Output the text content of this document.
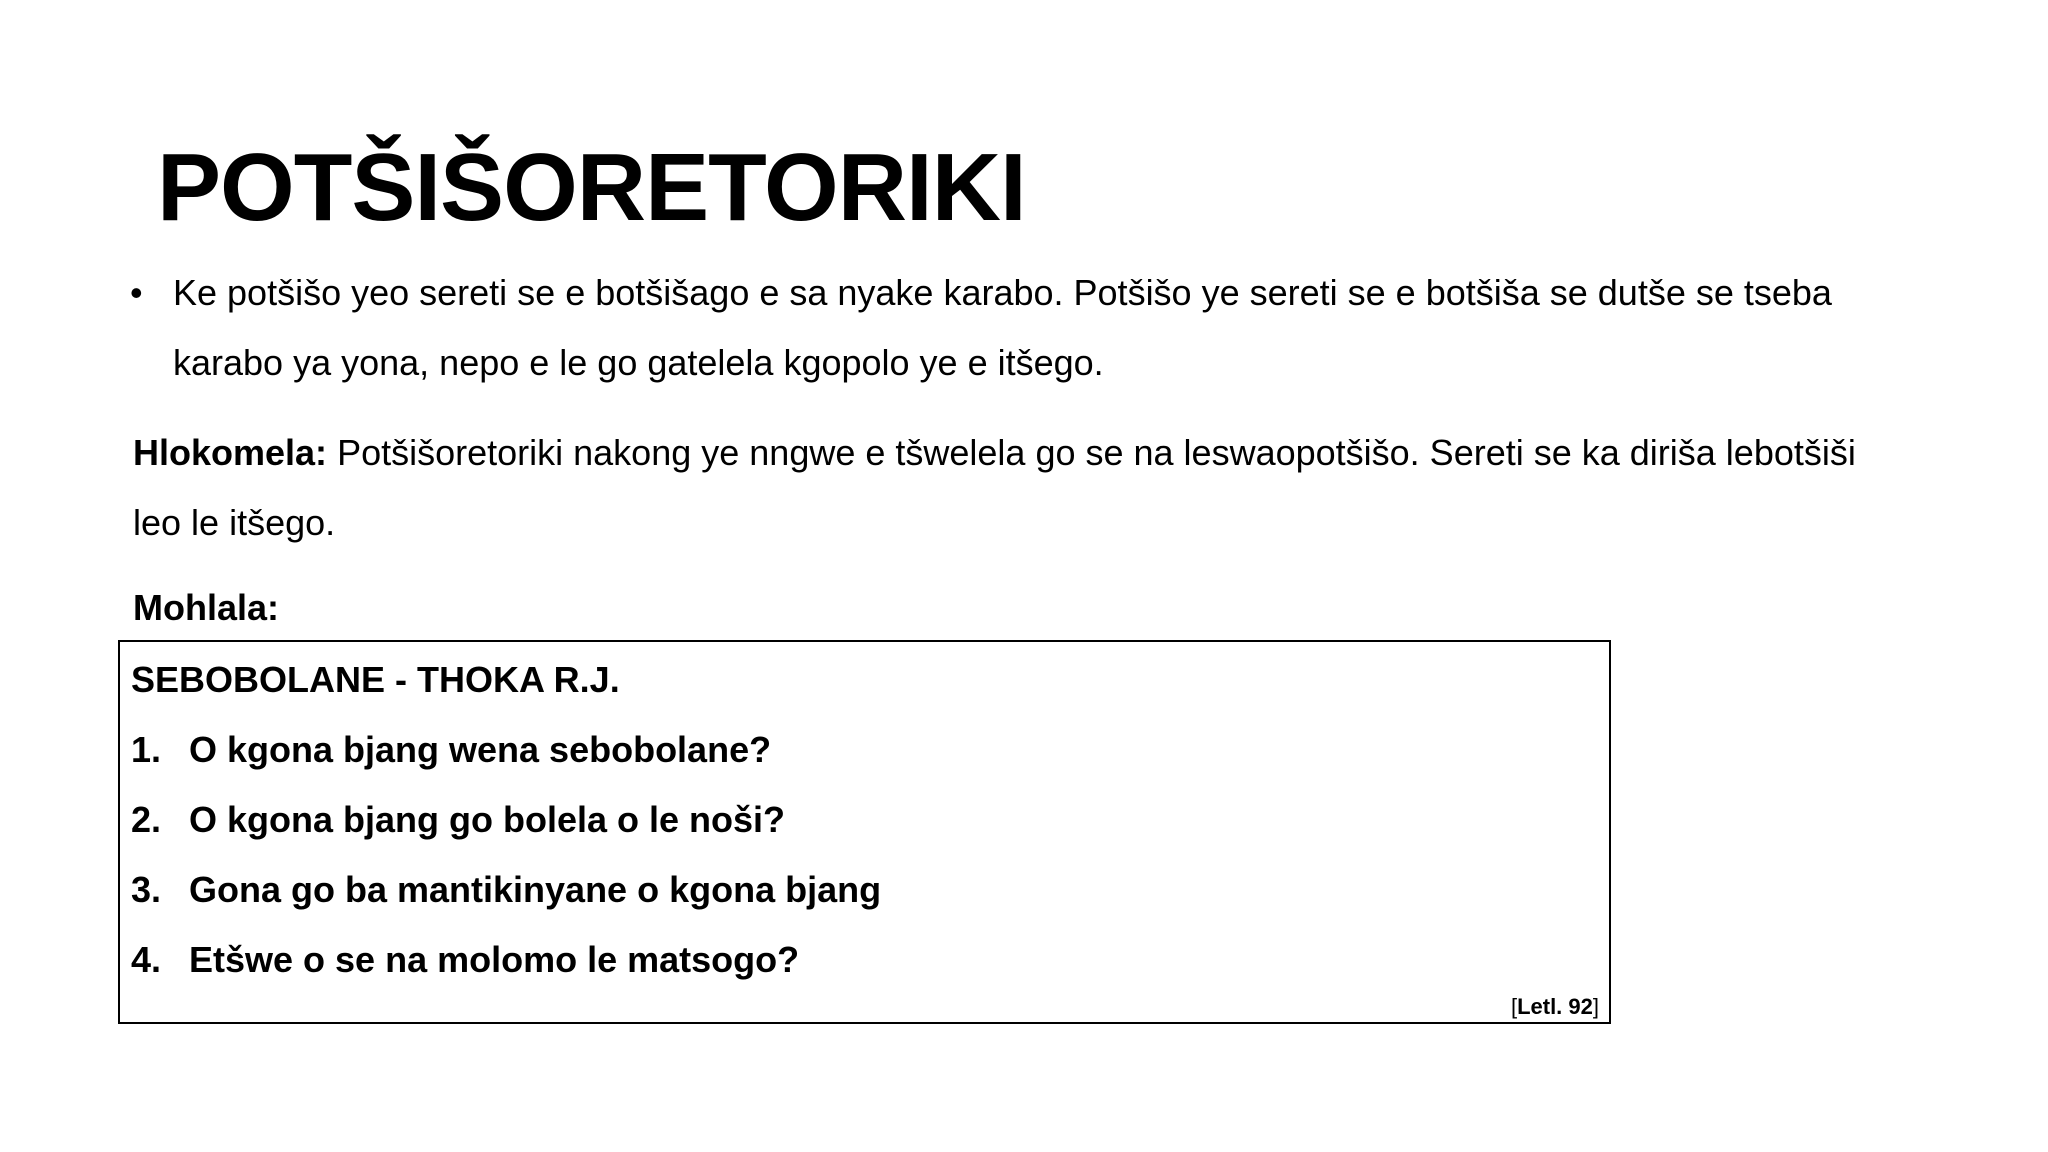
POTŠIŠORETORIKI
• Ke potšišo yeo sereti se e botšišago e sa nyake karabo. Potšišo ye sereti se e botšiša se dutše se tseba karabo ya yona, nepo e le go gatelela kgopolo ye e itšego.
Hlokomela: Potšišoretoriki nakong ye nngwe e tšwelela go se na leswaopotšišo. Sereti se ka diriša lebotšiši leo le itšego.
Mohlala:
SEBOBOLANE - THOKA R.J.
1. O kgona bjang wena sebobolane?
2. O kgona bjang go bolela o le noši?
3. Gona go ba mantikinyane o kgona bjang
4. Etšwe o se na molomo le matsogo?
[Letl. 92]
